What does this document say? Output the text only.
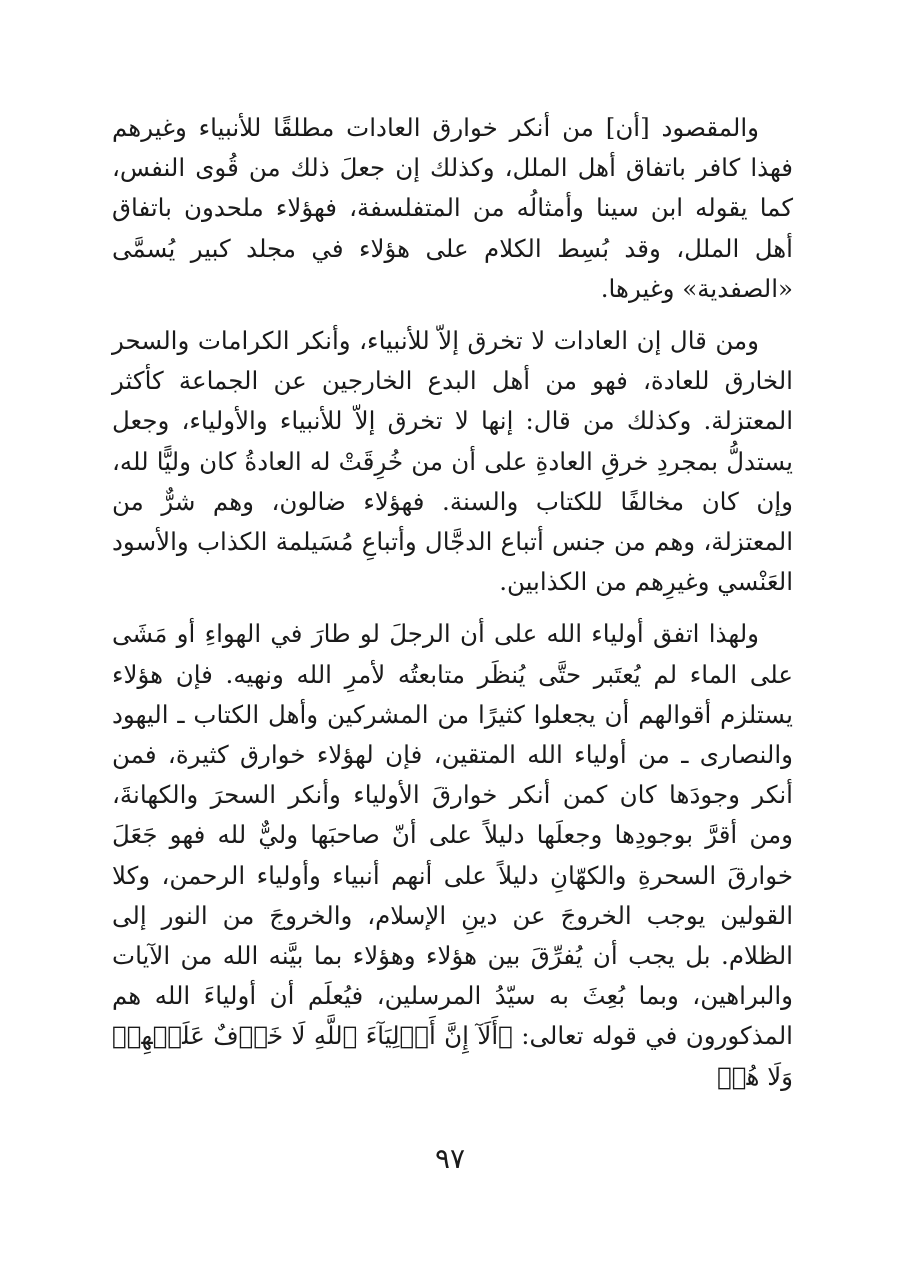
والمقصود [أن] من أنكر خوارق العادات مطلقًا للأنبياء وغيرهم فهذا كافر باتفاق أهل الملل، وكذلك إن جعلَ ذلك من قُوى النفس، كما يقوله ابن سينا وأمثالُه من المتفلسفة، فهؤلاء ملحدون باتفاق أهل الملل، وقد بُسِط الكلام على هؤلاء في مجلد كبير يُسمَّى «الصفدية» وغيرها.

ومن قال إن العادات لا تخرق إلاّ للأنبياء، وأنكر الكرامات والسحر الخارق للعادة، فهو من أهل البدع الخارجين عن الجماعة كأكثر المعتزلة. وكذلك من قال: إنها لا تخرق إلاّ للأنبياء والأولياء، وجعل يستدلُّ بمجردِ خرقِ العادةِ على أن من خُرِقَتْ له العادةُ كان وليًّا لله، وإن كان مخالفًا للكتاب والسنة. فهؤلاء ضالون، وهم شرٌّ من المعتزلة، وهم من جنس أتباع الدجَّال وأتباعِ مُسَيلمة الكذاب والأسود العَنْسي وغيرِهم من الكذابين.

ولهذا اتفق أولياء الله على أن الرجلَ لو طارَ في الهواءِ أو مَشَى على الماء لم يُعتَبر حتَّى يُنظَر متابعتُه لأمرِ الله ونهيه. فإن هؤلاء يستلزم أقوالهم أن يجعلوا كثيرًا من المشركين وأهل الكتاب ـ اليهود والنصارى ـ من أولياء الله المتقين، فإن لهؤلاء خوارق كثيرة، فمن أنكر وجودَها كان كمن أنكر خوارقَ الأولياء وأنكر السحرَ والكهانةَ، ومن أقرَّ بوجودِها وجعلَها دليلاً على أنّ صاحبَها وليٌّ لله فهو جَعَلَ خوارقَ السحرةِ والكهّانِ دليلاً على أنهم أنبياء وأولياء الرحمن، وكلا القولين يوجب الخروجَ عن دينِ الإسلام، والخروجَ من النور إلى الظلام. بل يجب أن يُفرِّقَ بين هؤلاء وهؤلاء بما بيَّنه الله من الآيات والبراهين، وبما بُعِثَ به سيّدُ المرسلين، فيُعلَم أن أولياءَ الله هم المذكورون في قوله تعالى: ﴿أَلَآ إِنَّ أَوۡلِيَآءَ ٱللَّهِ لَا خَوۡفٌ عَلَيۡهِمۡ وَلَا هُمۡ

٩٧
